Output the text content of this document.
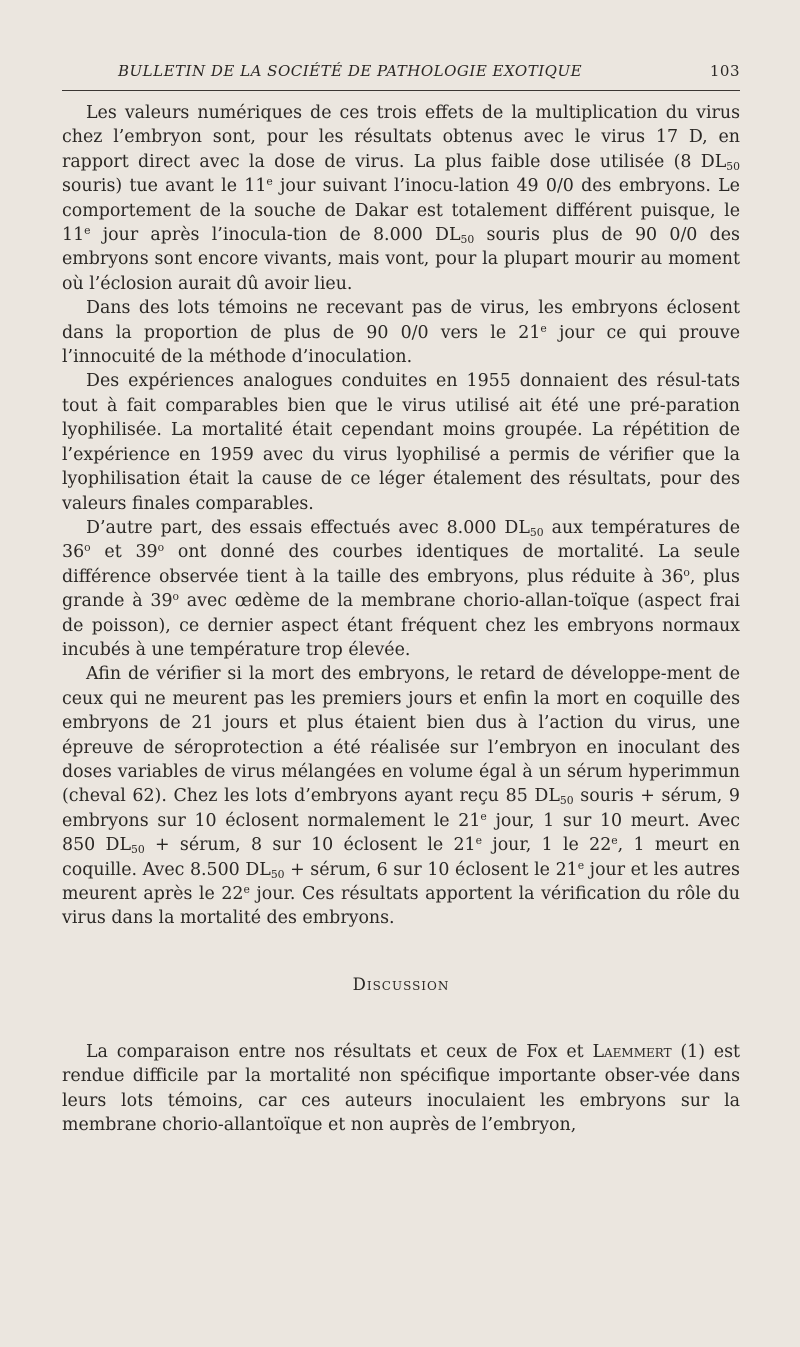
BULLETIN DE LA SOCIÉTÉ DE PATHOLOGIE EXOTIQUE	103

Les valeurs numériques de ces trois effets de la multiplication du virus chez l’embryon sont, pour les résultats obtenus avec le virus 17 D, en rapport direct avec la dose de virus. La plus faible dose utilisée (8 $DL_{50}$ souris) tue avant le 11e jour suivant l’inocu-lation 49 0/0 des embryons. Le comportement de la souche de Dakar est totalement différent puisque, le 11e jour après l’inocula-tion de 8.000 $DL_{50}$ souris plus de 90 0/0 des embryons sont encore vivants, mais vont, pour la plupart mourir au moment où l’éclosion aurait dû avoir lieu.

Dans des lots témoins ne recevant pas de virus, les embryons éclosent dans la proportion de plus de 90 0/0 vers le 21e jour ce qui prouve l’innocuité de la méthode d’inoculation.

Des expériences analogues conduites en 1955 donnaient des résul-tats tout à fait comparables bien que le virus utilisé ait été une pré-paration lyophilisée. La mortalité était cependant moins groupée. La répétition de l’expérience en 1959 avec du virus lyophilisé a permis de vérifier que la lyophilisation était la cause de ce léger étalement des résultats, pour des valeurs finales comparables.

D’autre part, des essais effectués avec 8.000 $DL_{50}$ aux températures de 36$^o$ et 39$^o$ ont donné des courbes identiques de mortalité. La seule différence observée tient à la taille des embryons, plus réduite à 36$^o$, plus grande à 39$^o$ avec œdème de la membrane chorio-allan-toïque (aspect frai de poisson), ce dernier aspect étant fréquent chez les embryons normaux incubés à une température trop élevée.

Afin de vérifier si la mort des embryons, le retard de développe-ment de ceux qui ne meurent pas les premiers jours et enfin la mort en coquille des embryons de 21 jours et plus étaient bien dus à l’action du virus, une épreuve de séroprotection a été réalisée sur l’embryon en inoculant des doses variables de virus mélangées en volume égal à un sérum hyperimmun (cheval 62). Chez les lots d’embryons ayant reçu 85 $DL_{50}$ souris + sérum, 9 embryons sur 10 éclosent normalement le 21e jour, 1 sur 10 meurt. Avec 850 $DL_{50}$ + sérum, 8 sur 10 éclosent le 21e jour, 1 le 22e, 1 meurt en coquille. Avec 8.500 $DL_{50}$ + sérum, 6 sur 10 éclosent le 21e jour et les autres meurent après le 22e jour. Ces résultats apportent la vérification du rôle du virus dans la mortalité des embryons.

Discussion

La comparaison entre nos résultats et ceux de Fox et Laemmert (1) est rendue difficile par la mortalité non spécifique importante obser-vée dans leurs lots témoins, car ces auteurs inoculaient les embryons sur la membrane chorio-allantoïque et non auprès de l’embryon,
